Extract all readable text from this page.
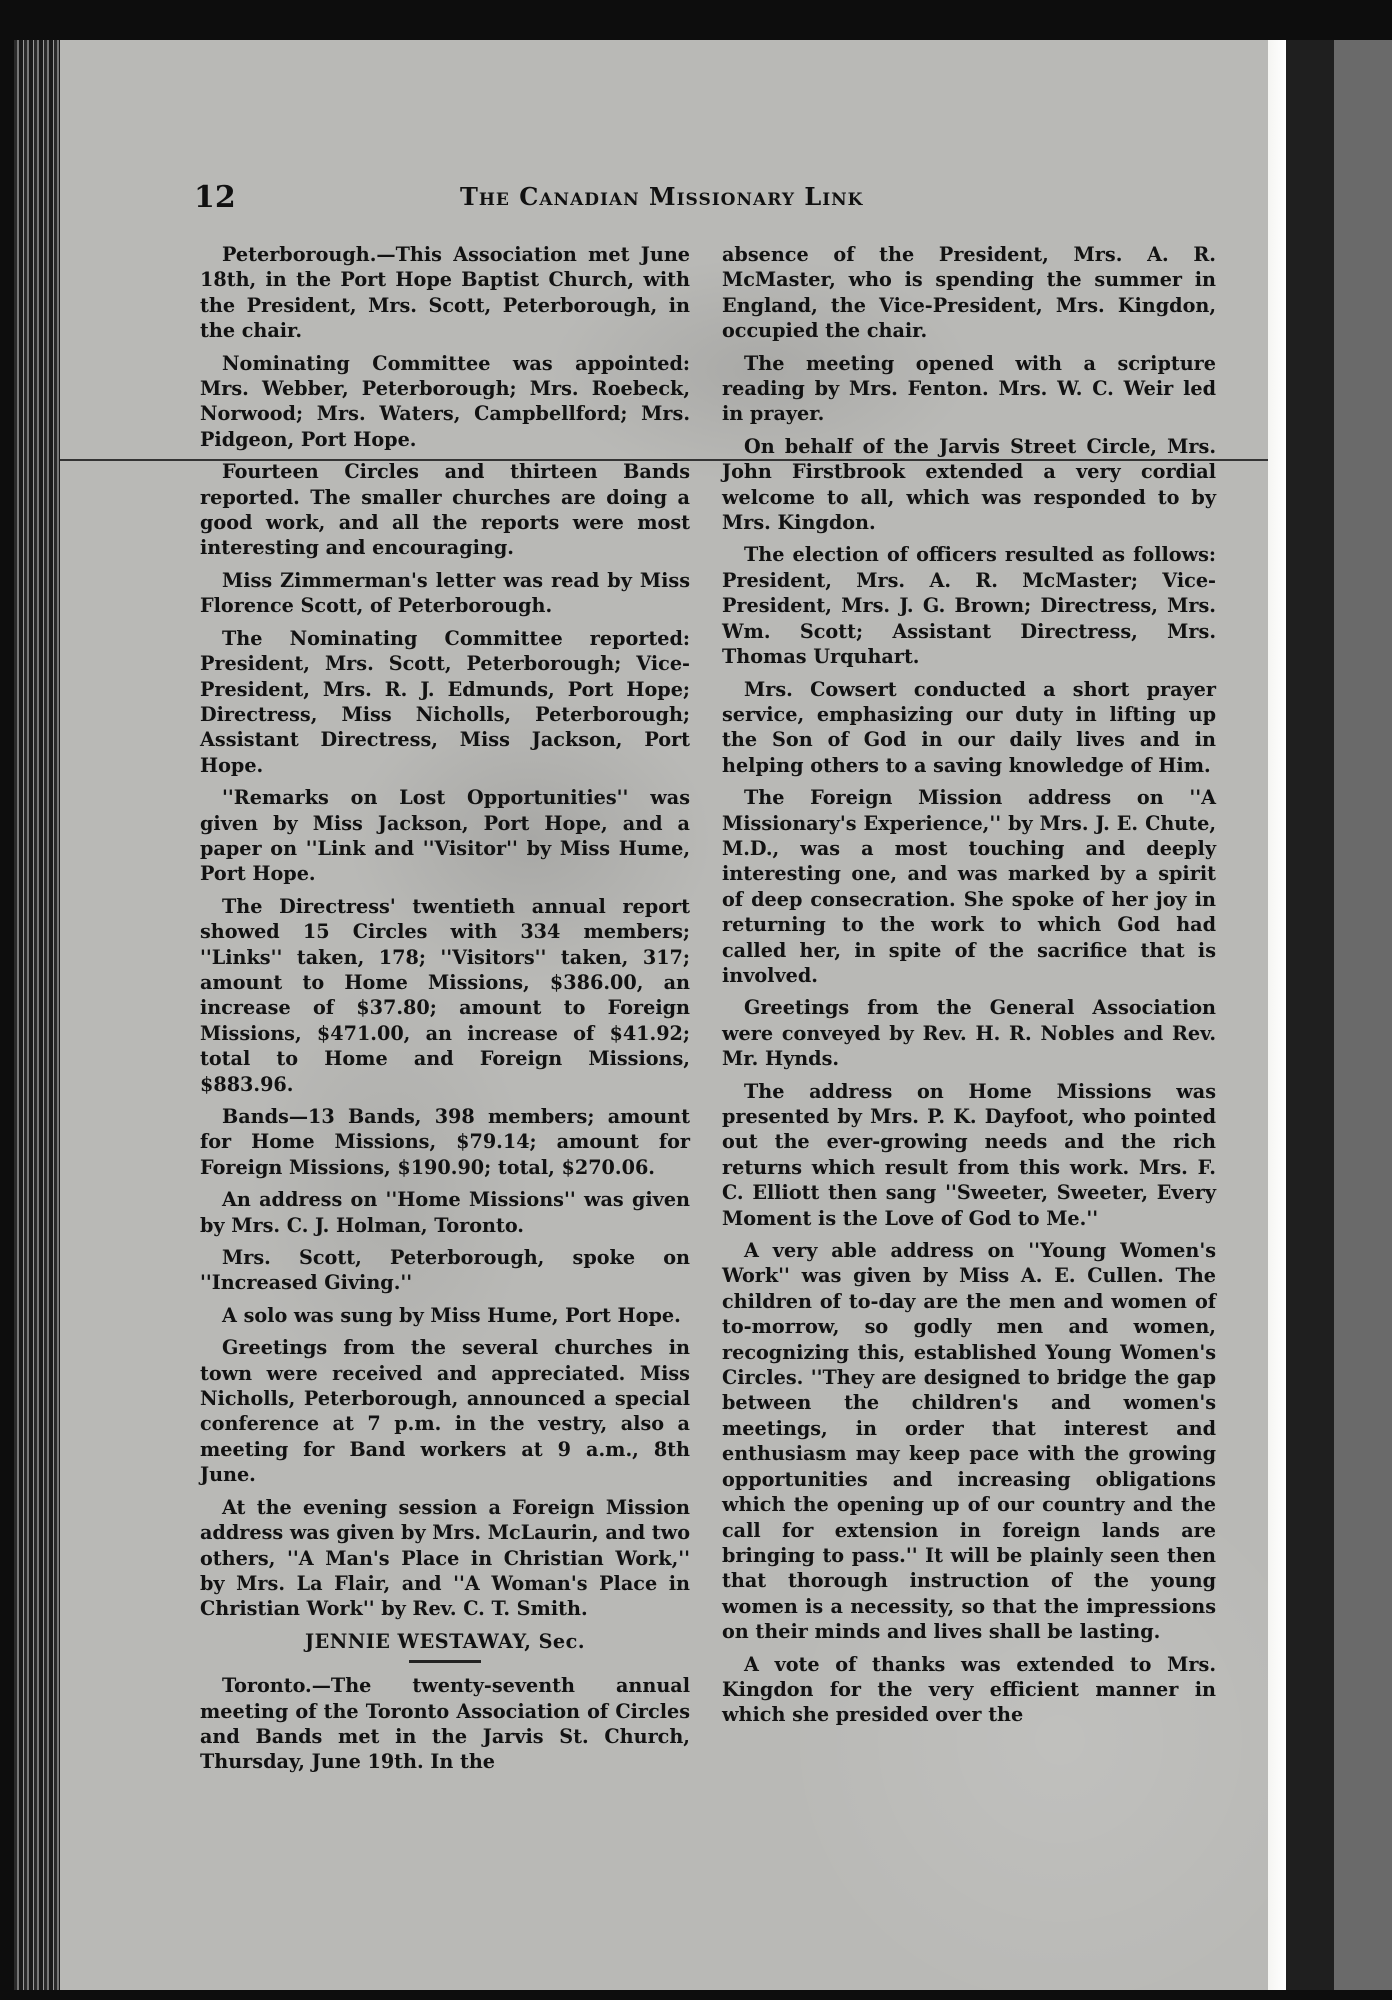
12	The Canadian Missionary Link

Peterborough.—This Association met June 18th, in the Port Hope Baptist Church, with the President, Mrs. Scott, Peterborough, in the chair.

Nominating Committee was appointed: Mrs. Webber, Peterborough; Mrs. Roebeck, Norwood; Mrs. Waters, Campbellford; Mrs. Pidgeon, Port Hope.

Fourteen Circles and thirteen Bands reported. The smaller churches are doing a good work, and all the reports were most interesting and encouraging.

Miss Zimmerman's letter was read by Miss Florence Scott, of Peterborough.

The Nominating Committee reported: President, Mrs. Scott, Peterborough; Vice-President, Mrs. R. J. Edmunds, Port Hope; Directress, Miss Nicholls, Peterborough; Assistant Directress, Miss Jackson, Port Hope.

''Remarks on Lost Opportunities'' was given by Miss Jackson, Port Hope, and a paper on ''Link and ''Visitor'' by Miss Hume, Port Hope.

The Directress' twentieth annual report showed 15 Circles with 334 members; ''Links'' taken, 178; ''Visitors'' taken, 317; amount to Home Missions, $386.00, an increase of $37.80; amount to Foreign Missions, $471.00, an increase of $41.92; total to Home and Foreign Missions, $883.96.

Bands—13 Bands, 398 members; amount for Home Missions, $79.14; amount for Foreign Missions, $190.90; total, $270.06.

An address on ''Home Missions'' was given by Mrs. C. J. Holman, Toronto.

Mrs. Scott, Peterborough, spoke on ''Increased Giving.''

A solo was sung by Miss Hume, Port Hope.

Greetings from the several churches in town were received and appreciated. Miss Nicholls, Peterborough, announced a special conference at 7 p.m. in the vestry, also a meeting for Band workers at 9 a.m., 8th June.

At the evening session a Foreign Mission address was given by Mrs. McLaurin, and two others, ''A Man's Place in Christian Work,'' by Mrs. La Flair, and ''A Woman's Place in Christian Work'' by Rev. C. T. Smith.

JENNIE WESTAWAY, Sec.

Toronto.—The twenty-seventh annual meeting of the Toronto Association of Circles and Bands met in the Jarvis St. Church, Thursday, June 19th. In the

absence of the President, Mrs. A. R. McMaster, who is spending the summer in England, the Vice-President, Mrs. Kingdon, occupied the chair.

The meeting opened with a scripture reading by Mrs. Fenton. Mrs. W. C. Weir led in prayer.

On behalf of the Jarvis Street Circle, Mrs. John Firstbrook extended a very cordial welcome to all, which was responded to by Mrs. Kingdon.

The election of officers resulted as follows: President, Mrs. A. R. McMaster; Vice-President, Mrs. J. G. Brown; Directress, Mrs. Wm. Scott; Assistant Directress, Mrs. Thomas Urquhart.

Mrs. Cowsert conducted a short prayer service, emphasizing our duty in lifting up the Son of God in our daily lives and in helping others to a saving knowledge of Him.

The Foreign Mission address on ''A Missionary's Experience,'' by Mrs. J. E. Chute, M.D., was a most touching and deeply interesting one, and was marked by a spirit of deep consecration. She spoke of her joy in returning to the work to which God had called her, in spite of the sacrifice that is involved.

Greetings from the General Association were conveyed by Rev. H. R. Nobles and Rev. Mr. Hynds.

The address on Home Missions was presented by Mrs. P. K. Dayfoot, who pointed out the ever-growing needs and the rich returns which result from this work. Mrs. F. C. Elliott then sang ''Sweeter, Sweeter, Every Moment is the Love of God to Me.''

A very able address on ''Young Women's Work'' was given by Miss A. E. Cullen. The children of to-day are the men and women of to-morrow, so godly men and women, recognizing this, established Young Women's Circles. ''They are designed to bridge the gap between the children's and women's meetings, in order that interest and enthusiasm may keep pace with the growing opportunities and increasing obligations which the opening up of our country and the call for extension in foreign lands are bringing to pass.'' It will be plainly seen then that thorough instruction of the young women is a necessity, so that the impressions on their minds and lives shall be lasting.

A vote of thanks was extended to Mrs. Kingdon for the very efficient manner in which she presided over the
